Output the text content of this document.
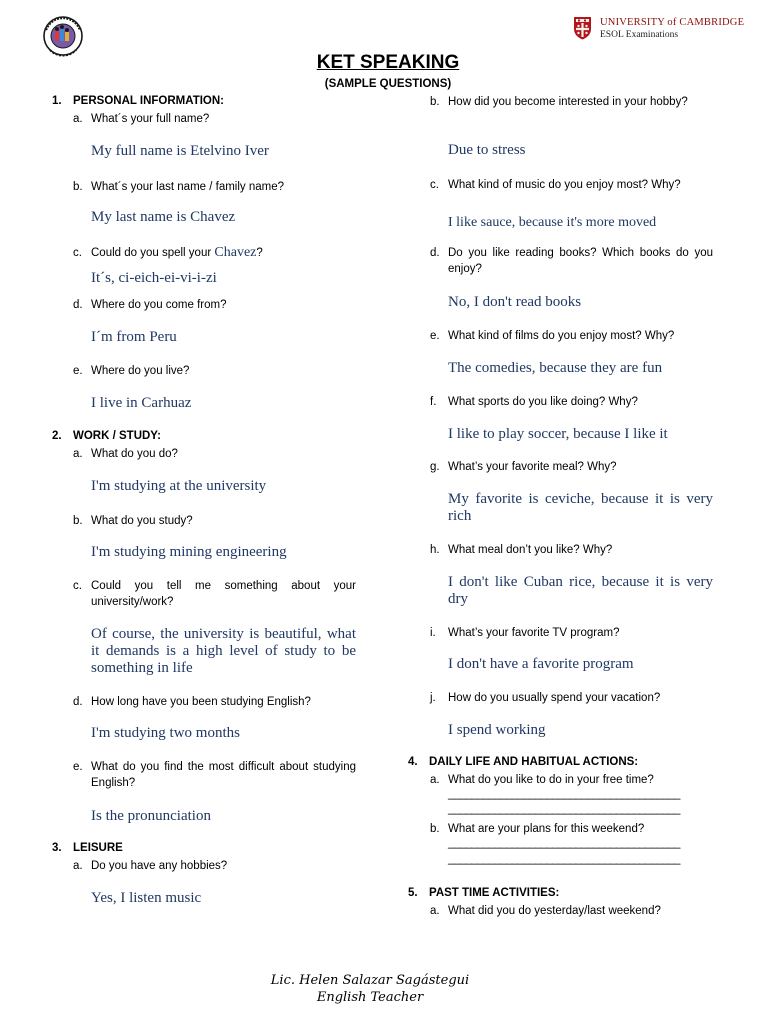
UNIVERSITY of CAMBRIDGE
ESOL Examinations
KET SPEAKING
(SAMPLE QUESTIONS)
1. PERSONAL INFORMATION:
a. What´s your full name?
My full name is Etelvino Iver
b. What´s your last name / family name?
My last name is Chavez
c. Could do you spell your Chavez?
It´s, ci-eich-ei-vi-i-zi
d. Where do you come from?
I´m from Peru
e. Where do you live?
I live in Carhuaz
2. WORK / STUDY:
a. What do you do?
I'm studying at the university
b. What do you study?
I'm studying mining engineering
c. Could you tell me something about your university/work?
Of course, the university is beautiful, what it demands is a high level of study to be something in life
d. How long have you been studying English?
I'm studying two months
e. What do you find the most difficult about studying English?
Is the pronunciation
3. LEISURE
a. Do you have any hobbies?
Yes, I listen music
b. How did you become interested in your hobby?
Due to stress
c. What kind of music do you enjoy most? Why?
I like sauce, because it's more moved
d. Do you like reading books? Which books do you enjoy?
No, I don't read books
e. What kind of films do you enjoy most? Why?
The comedies, because they are fun
f. What sports do you like doing? Why?
I like to play soccer, because I like it
g. What’s your favorite meal? Why?
My favorite is ceviche, because it is very rich
h. What meal don’t you like? Why?
I don't like Cuban rice, because it is very dry
i. What’s your favorite TV program?
I don't have a favorite program
j. How do you usually spend your vacation?
I spend working
4. DAILY LIFE AND HABITUAL ACTIONS:
a. What do you like to do in your free time?
________________________________________
________________________________________
b. What are your plans for this weekend?
________________________________________
________________________________________
5. PAST TIME ACTIVITIES:
a. What did you do yesterday/last weekend?
Lic. Helen Salazar Sagástegui
English Teacher
